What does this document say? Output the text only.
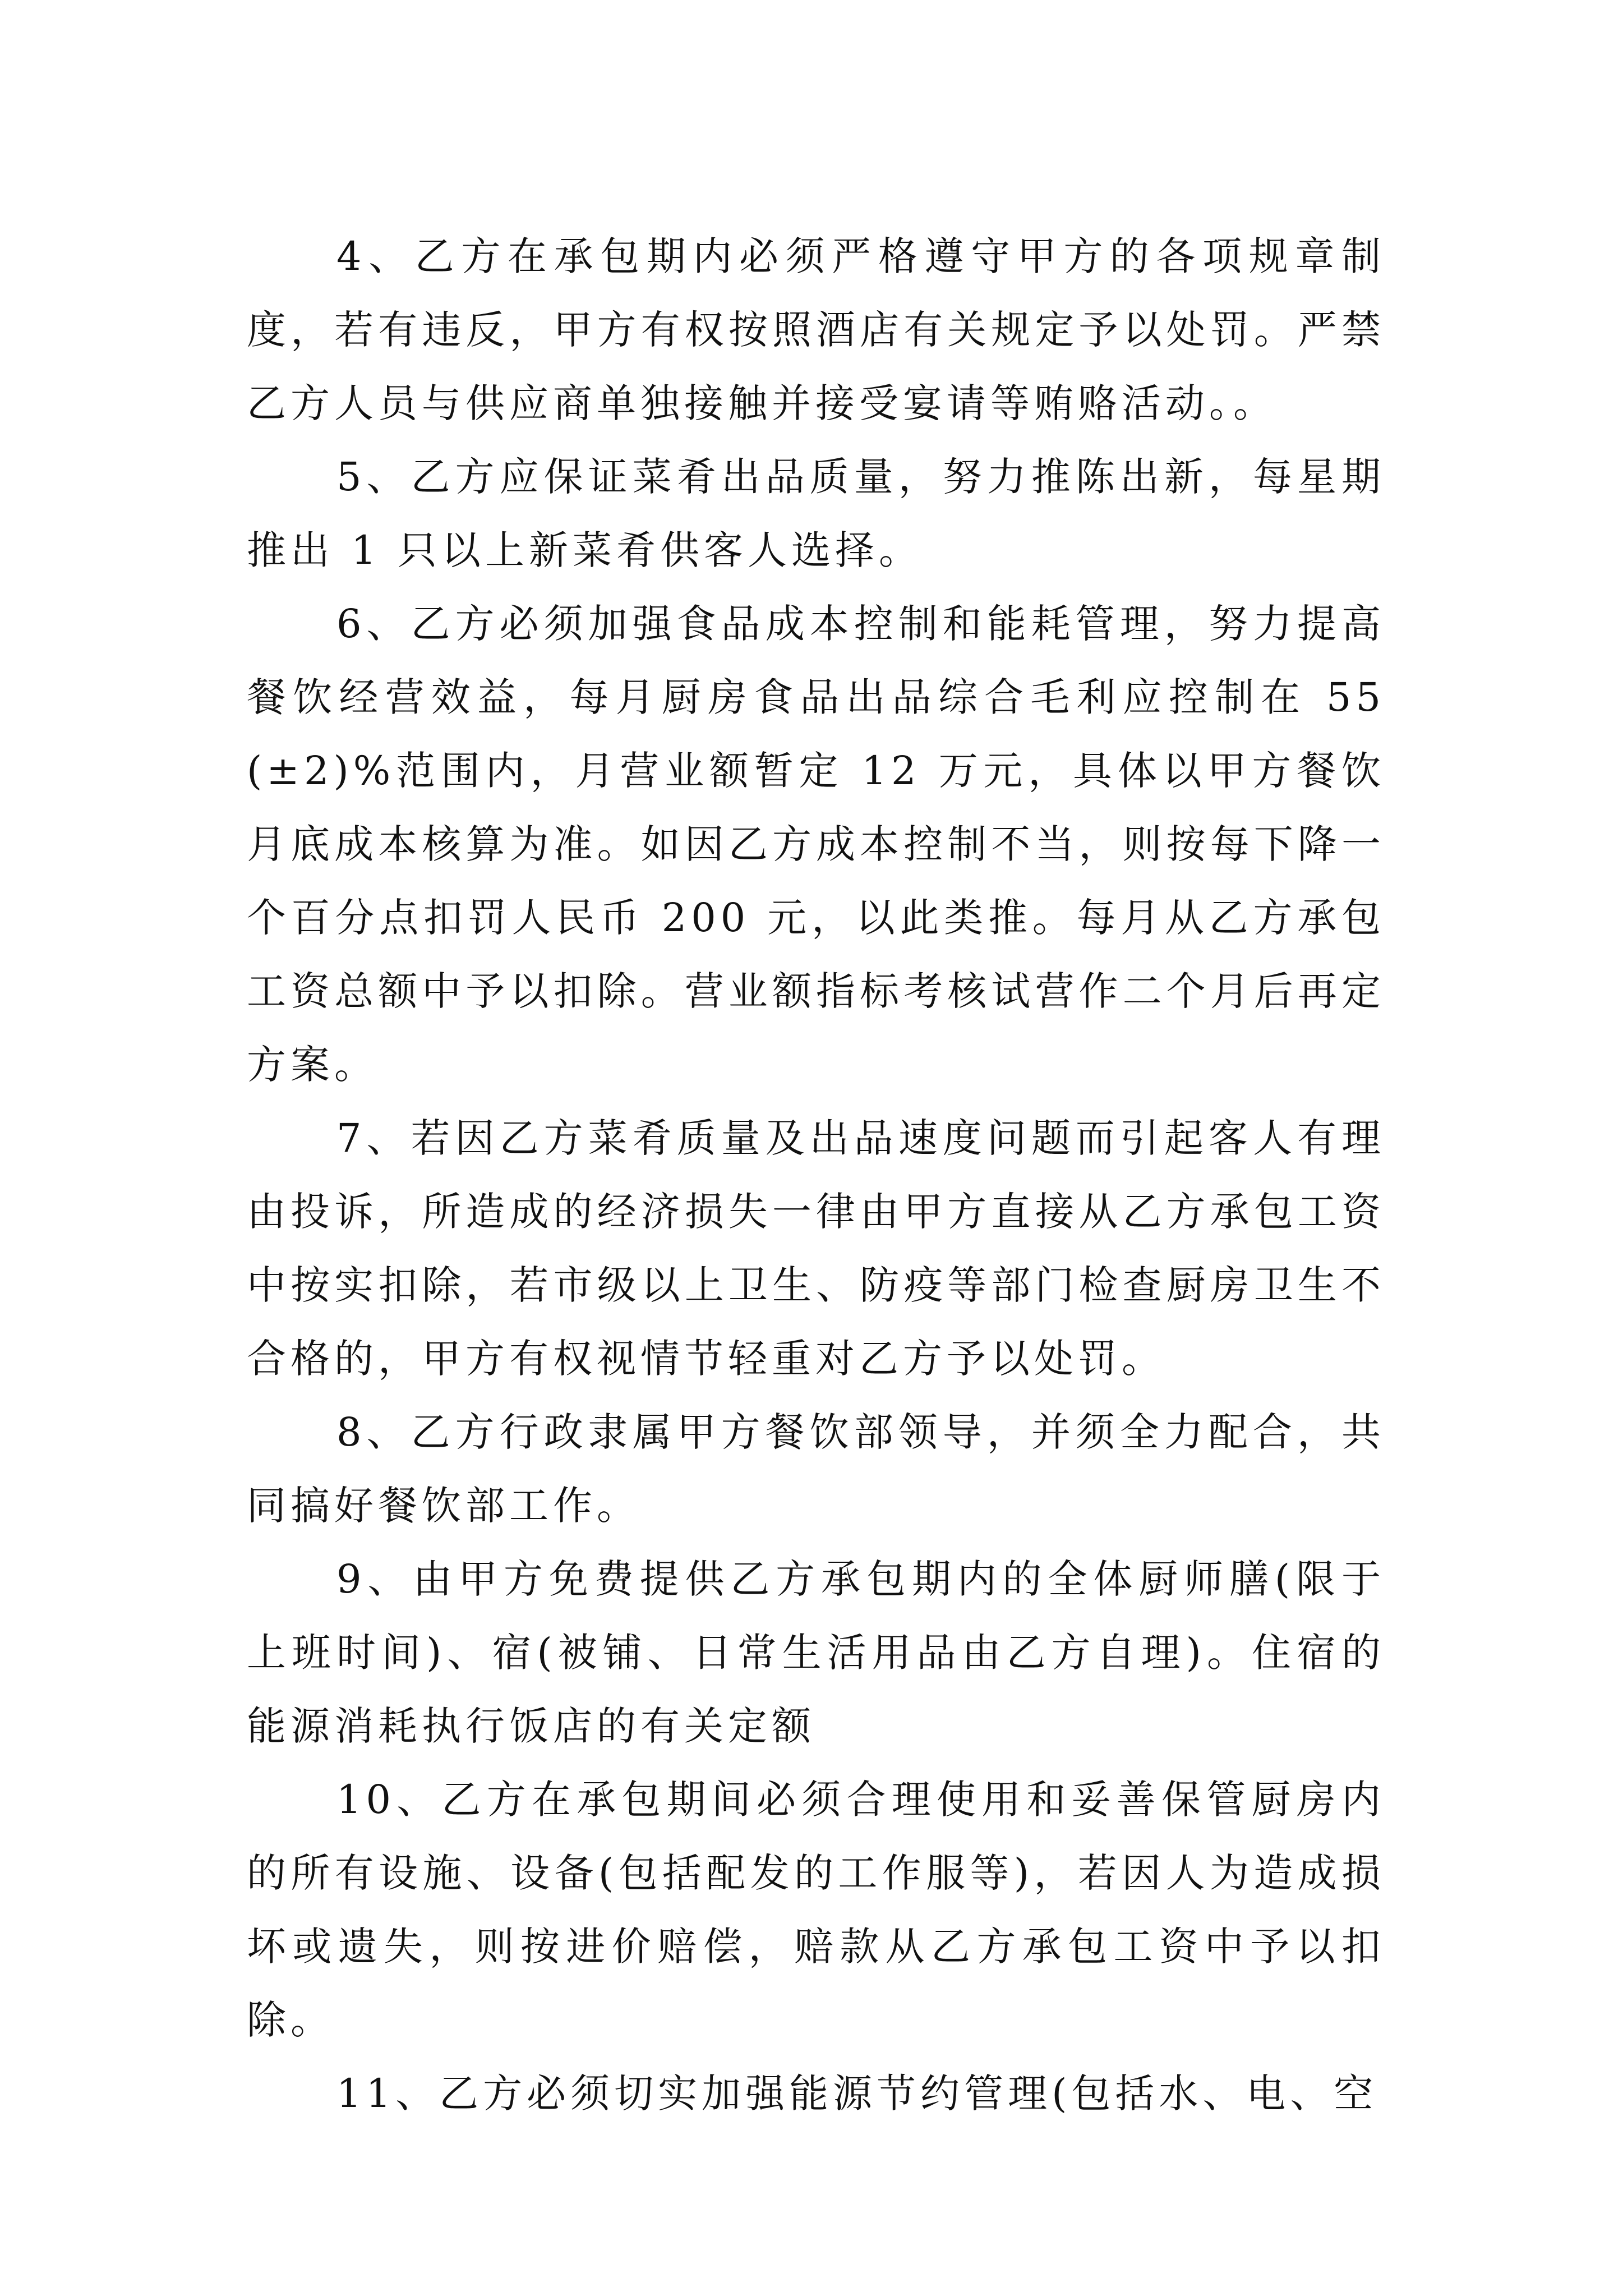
4、乙方在承包期内必须严格遵守甲方的各项规章制度，若有违反，甲方有权按照酒店有关规定予以处罚。严禁乙方人员与供应商单独接触并接受宴请等贿赂活动。。

5、乙方应保证菜肴出品质量，努力推陈出新，每星期推出 1 只以上新菜肴供客人选择。

6、乙方必须加强食品成本控制和能耗管理，努力提高餐饮经营效益，每月厨房食品出品综合毛利应控制在 55(±2)%范围内，月营业额暂定 12 万元，具体以甲方餐饮月底成本核算为准。如因乙方成本控制不当，则按每下降一个百分点扣罚人民币 200 元，以此类推。每月从乙方承包工资总额中予以扣除。营业额指标考核试营作二个月后再定方案。

7、若因乙方菜肴质量及出品速度问题而引起客人有理由投诉，所造成的经济损失一律由甲方直接从乙方承包工资中按实扣除，若市级以上卫生、防疫等部门检查厨房卫生不合格的，甲方有权视情节轻重对乙方予以处罚。

8、乙方行政隶属甲方餐饮部领导，并须全力配合，共同搞好餐饮部工作。

9、由甲方免费提供乙方承包期内的全体厨师膳(限于上班时间)、宿(被铺、日常生活用品由乙方自理)。住宿的能源消耗执行饭店的有关定额

10、乙方在承包期间必须合理使用和妥善保管厨房内的所有设施、设备(包括配发的工作服等)，若因人为造成损坏或遗失，则按进价赔偿，赔款从乙方承包工资中予以扣除。

11、乙方必须切实加强能源节约管理(包括水、电、空
